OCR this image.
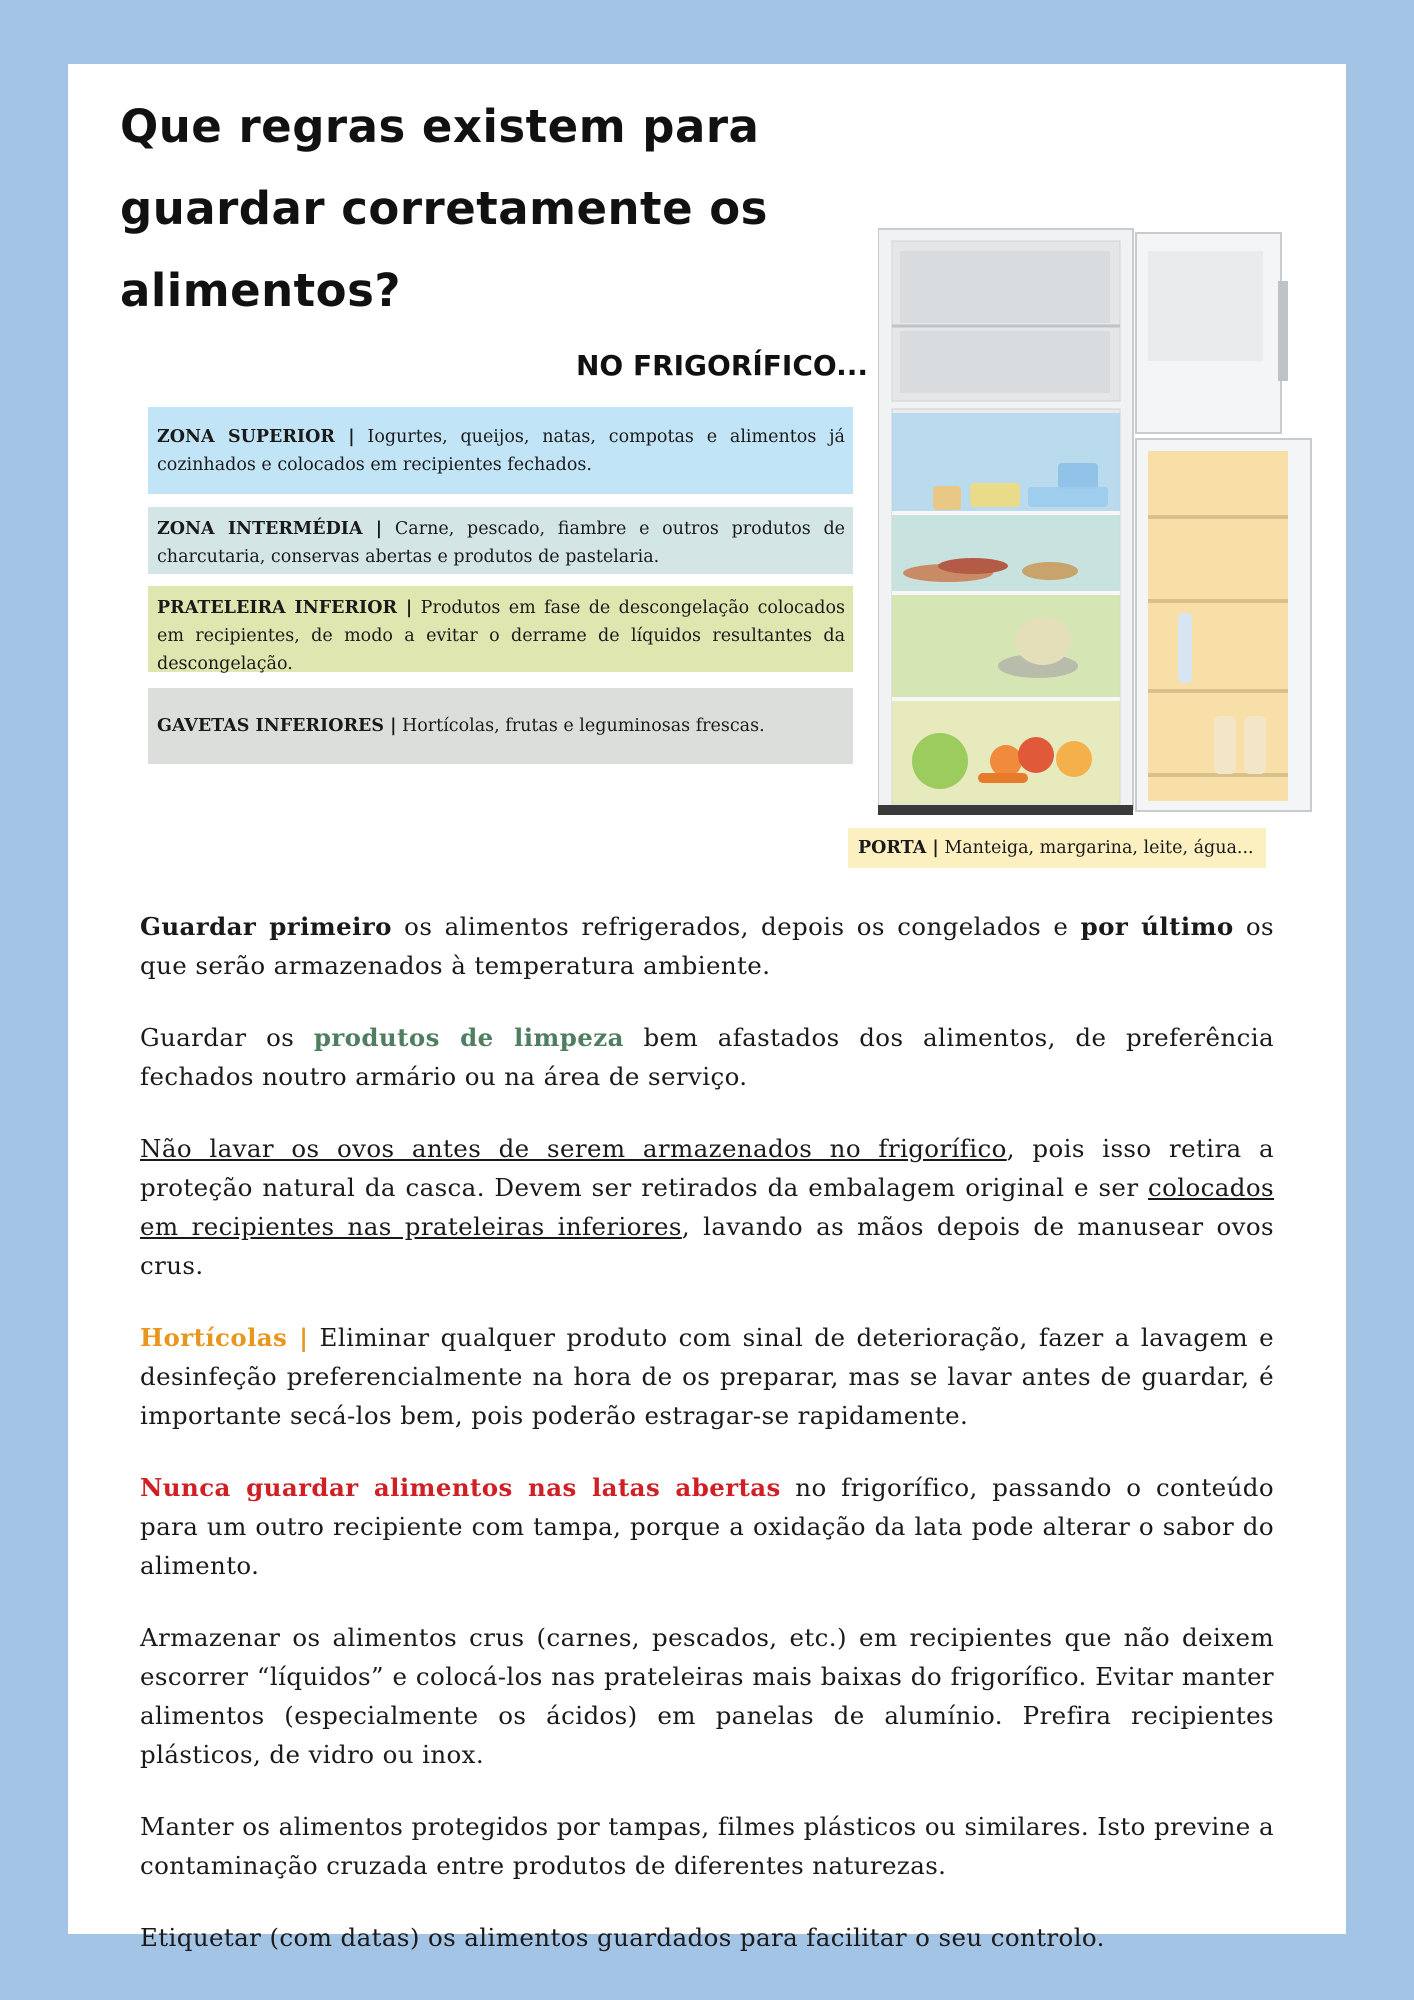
Que regras existem para guardar corretamente os alimentos?
NO FRIGORÍFICO...
ZONA SUPERIOR | Iogurtes, queijos, natas, compotas e alimentos já cozinhados e colocados em recipientes fechados.
ZONA INTERMÉDIA | Carne, pescado, fiambre e outros produtos de charcutaria, conservas abertas e produtos de pastelaria.
PRATELEIRA INFERIOR | Produtos em fase de descongelação colocados em recipientes, de modo a evitar o derrame de líquidos resultantes da descongelação.
GAVETAS INFERIORES | Hortícolas, frutas e leguminosas frescas.
PORTA | Manteiga, margarina, leite, água...

Guardar primeiro os alimentos refrigerados, depois os congelados e por último os que serão armazenados à temperatura ambiente.

Guardar os produtos de limpeza bem afastados dos alimentos, de preferência fechados noutro armário ou na área de serviço.

Não lavar os ovos antes de serem armazenados no frigorífico, pois isso retira a proteção natural da casca. Devem ser retirados da embalagem original e ser colocados em recipientes nas prateleiras inferiores, lavando as mãos depois de manusear ovos crus.

Hortícolas | Eliminar qualquer produto com sinal de deterioração, fazer a lavagem e desinfeção preferencialmente na hora de os preparar, mas se lavar antes de guardar, é importante secá-los bem, pois poderão estragar-se rapidamente.

Nunca guardar alimentos nas latas abertas no frigorífico, passando o conteúdo para um outro recipiente com tampa, porque a oxidação da lata pode alterar o sabor do alimento.

Armazenar os alimentos crus (carnes, pescados, etc.) em recipientes que não deixem escorrer “líquidos” e colocá-los nas prateleiras mais baixas do frigorífico. Evitar manter alimentos (especialmente os ácidos) em panelas de alumínio. Prefira recipientes plásticos, de vidro ou inox.

Manter os alimentos protegidos por tampas, filmes plásticos ou similares. Isto previne a contaminação cruzada entre produtos de diferentes naturezas.

Etiquetar (com datas) os alimentos guardados para facilitar o seu controlo.
